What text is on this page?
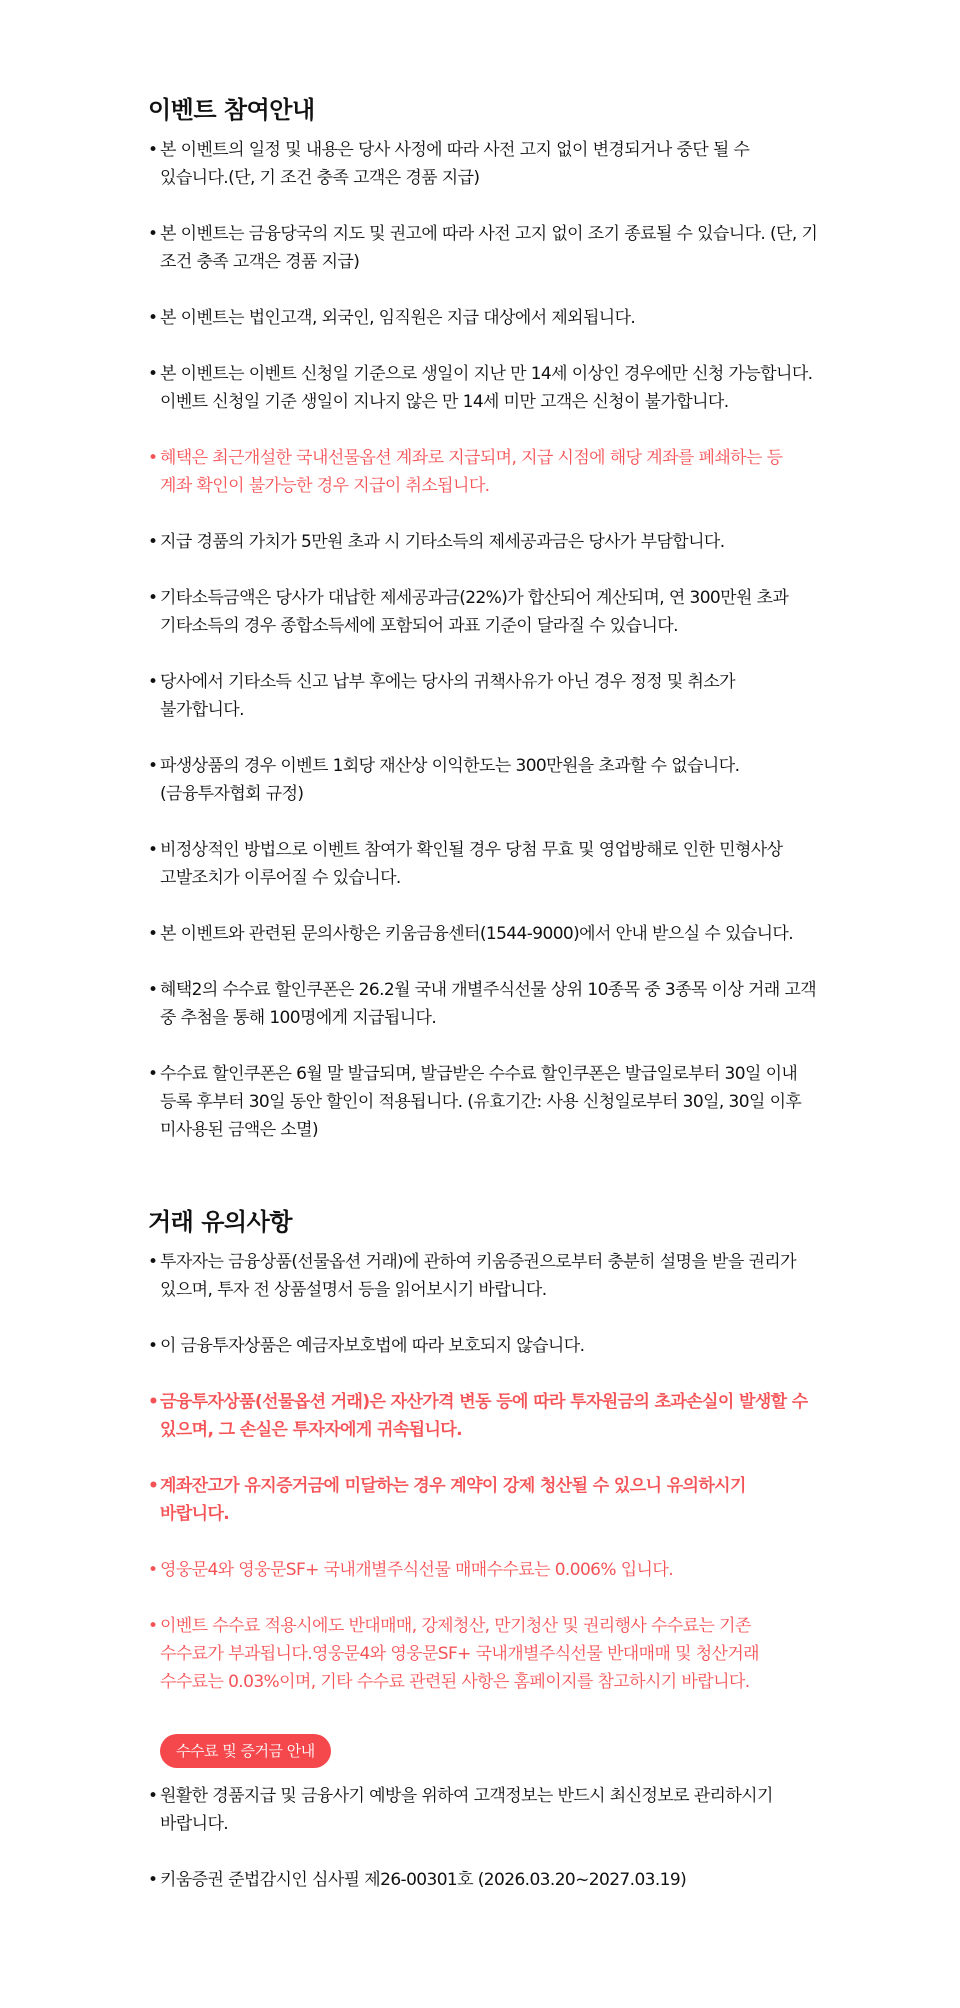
이벤트 참여안내
• 본 이벤트의 일정 및 내용은 당사 사정에 따라 사전 고지 없이 변경되거나 중단 될 수 있습니다.(단, 기 조건 충족 고객은 경품 지급)
• 본 이벤트는 금융당국의 지도 및 권고에 따라 사전 고지 없이 조기 종료될 수 있습니다. (단, 기 조건 충족 고객은 경품 지급)
• 본 이벤트는 법인고객, 외국인, 임직원은 지급 대상에서 제외됩니다.
• 본 이벤트는 이벤트 신청일 기준으로 생일이 지난 만 14세 이상인 경우에만 신청 가능합니다. 이벤트 신청일 기준 생일이 지나지 않은 만 14세 미만 고객은 신청이 불가합니다.
• 혜택은 최근개설한 국내선물옵션 계좌로 지급되며, 지급 시점에 해당 계좌를 폐쇄하는 등 계좌 확인이 불가능한 경우 지급이 취소됩니다.
• 지급 경품의 가치가 5만원 초과 시 기타소득의 제세공과금은 당사가 부담합니다.
• 기타소득금액은 당사가 대납한 제세공과금(22%)가 합산되어 계산되며, 연 300만원 초과 기타소득의 경우 종합소득세에 포함되어 과표 기준이 달라질 수 있습니다.
• 당사에서 기타소득 신고 납부 후에는 당사의 귀책사유가 아닌 경우 정정 및 취소가 불가합니다.
• 파생상품의 경우 이벤트 1회당 재산상 이익한도는 300만원을 초과할 수 없습니다. (금융투자협회 규정)
• 비정상적인 방법으로 이벤트 참여가 확인될 경우 당첨 무효 및 영업방해로 인한 민형사상 고발조치가 이루어질 수 있습니다.
• 본 이벤트와 관련된 문의사항은 키움금융센터(1544-9000)에서 안내 받으실 수 있습니다.
• 혜택2의 수수료 할인쿠폰은 26.2월 국내 개별주식선물 상위 10종목 중 3종목 이상 거래 고객 중 추첨을 통해 100명에게 지급됩니다.
• 수수료 할인쿠폰은 6월 말 발급되며, 발급받은 수수료 할인쿠폰은 발급일로부터 30일 이내 등록 후부터 30일 동안 할인이 적용됩니다. (유효기간: 사용 신청일로부터 30일, 30일 이후 미사용된 금액은 소멸)
거래 유의사항
• 투자자는 금융상품(선물옵션 거래)에 관하여 키움증권으로부터 충분히 설명을 받을 권리가 있으며, 투자 전 상품설명서 등을 읽어보시기 바랍니다.
• 이 금융투자상품은 예금자보호법에 따라 보호되지 않습니다.
• 금융투자상품(선물옵션 거래)은 자산가격 변동 등에 따라 투자원금의 초과손실이 발생할 수 있으며, 그 손실은 투자자에게 귀속됩니다.
• 계좌잔고가 유지증거금에 미달하는 경우 계약이 강제 청산될 수 있으니 유의하시기 바랍니다.
• 영웅문4와 영웅문SF+ 국내개별주식선물 매매수수료는 0.006% 입니다.
• 이벤트 수수료 적용시에도 반대매매, 강제청산, 만기청산 및 권리행사 수수료는 기존 수수료가 부과됩니다.영웅문4와 영웅문SF+ 국내개별주식선물 반대매매 및 청산거래 수수료는 0.03%이며, 기타 수수료 관련된 사항은 홈페이지를 참고하시기 바랍니다.
수수료 및 증거금 안내
• 원활한 경품지급 및 금융사기 예방을 위하여 고객정보는 반드시 최신정보로 관리하시기 바랍니다.
• 키움증권 준법감시인 심사필 제26-00301호 (2026.03.20~2027.03.19)
